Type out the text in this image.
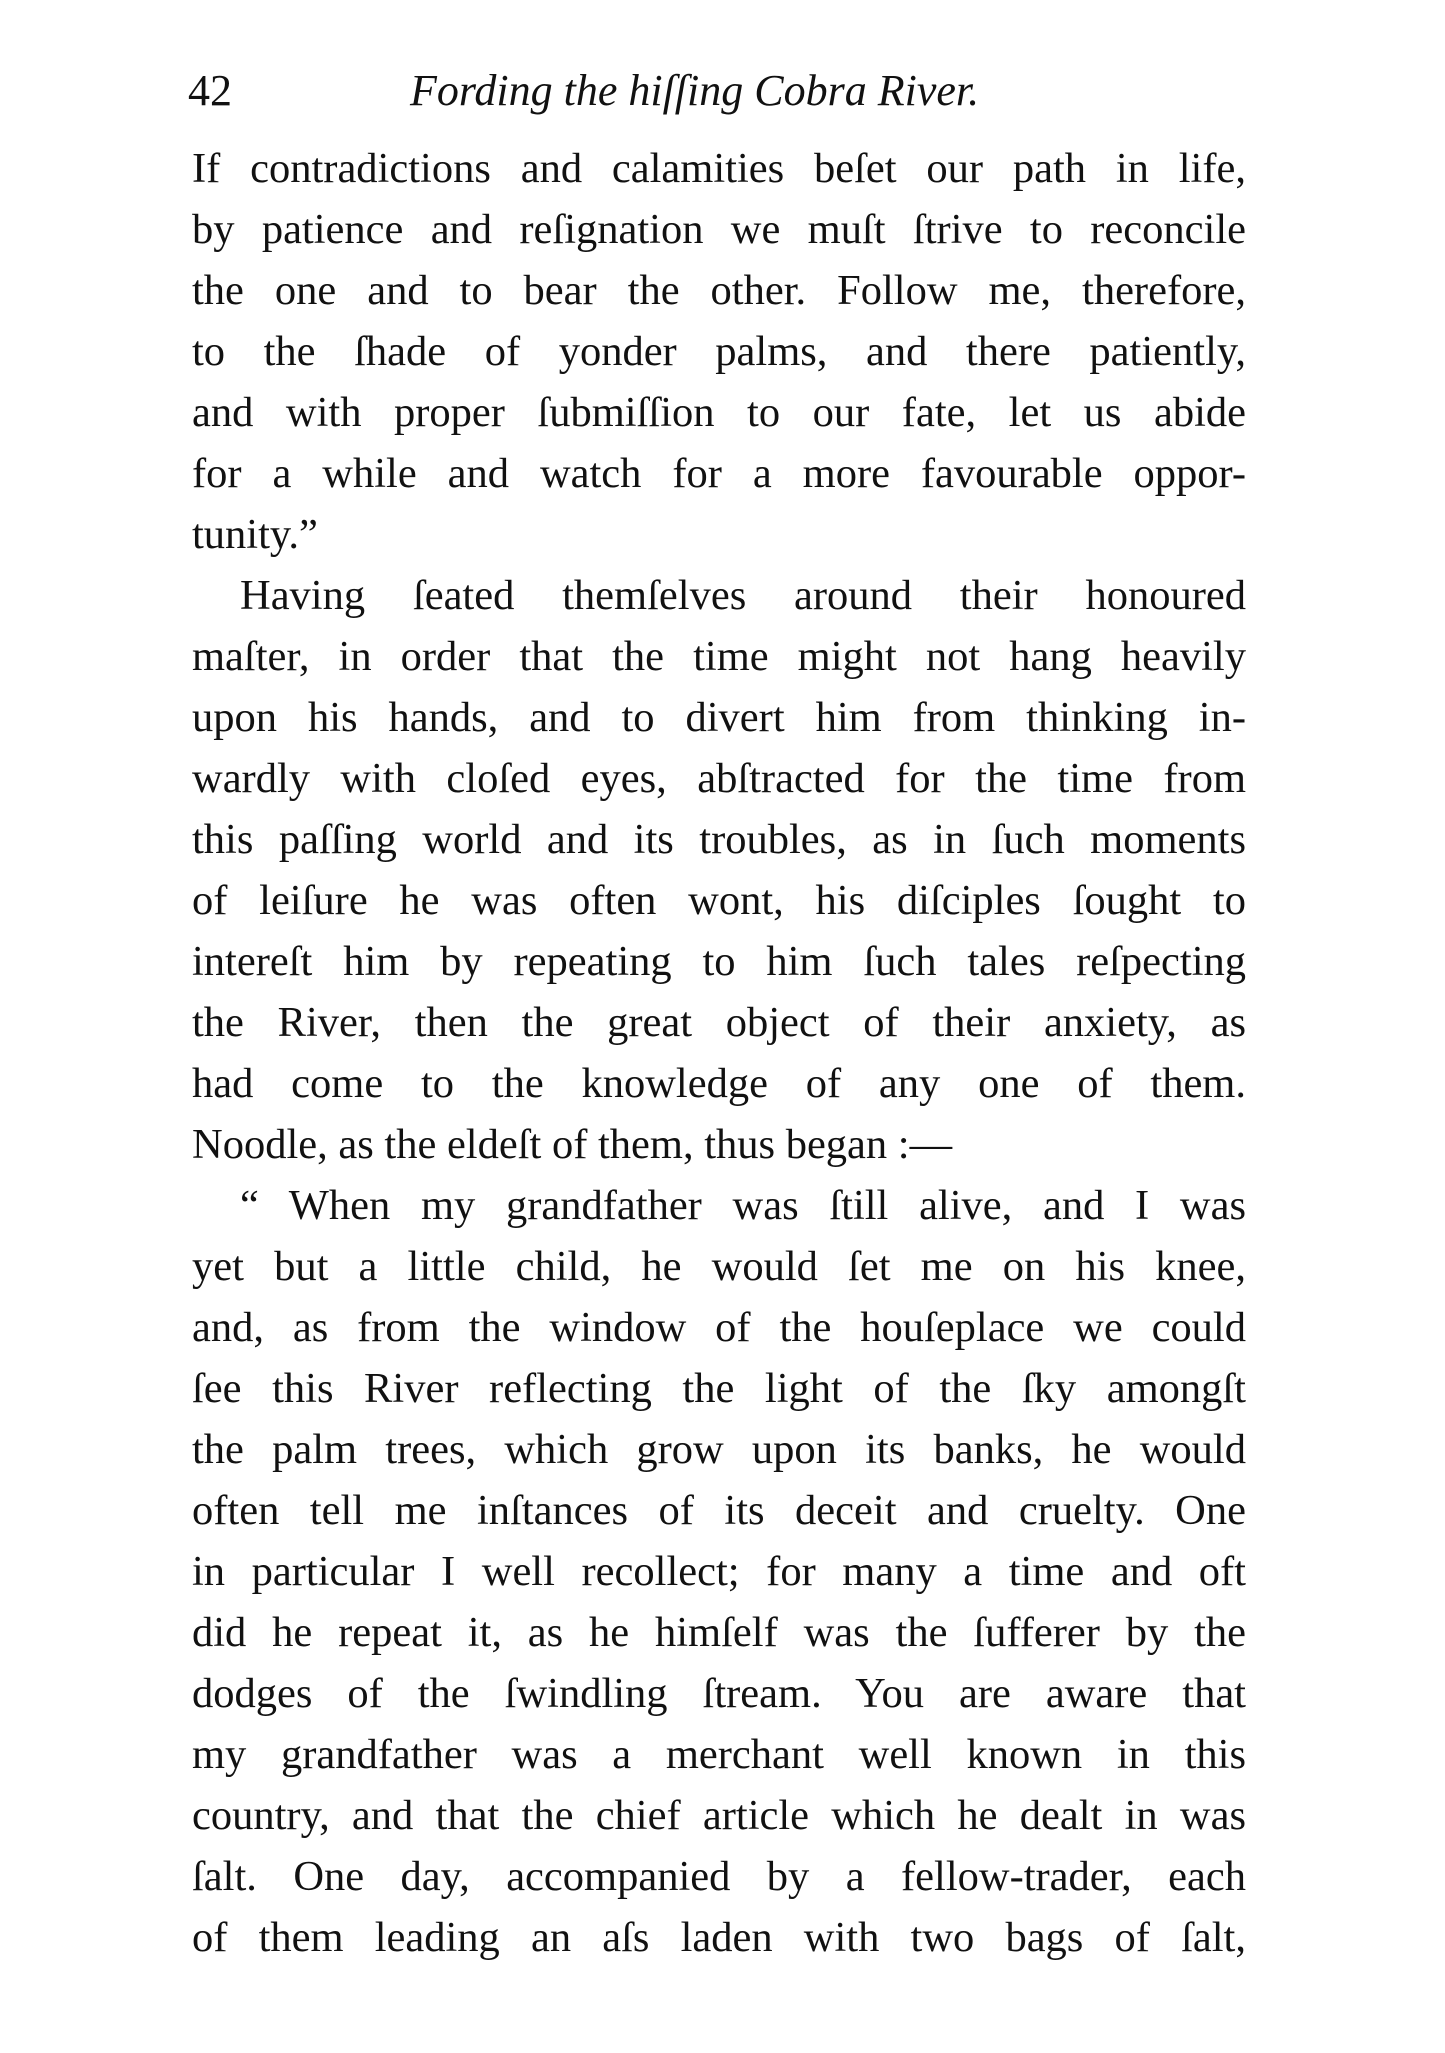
42	Fording the hiſſing Cobra River.
If contradictions and calamities beſet our path in life,
by patience and reſignation we muſt ſtrive to reconcile
the one and to bear the other. Follow me, therefore,
to the ſhade of yonder palms, and there patiently,
and with proper ſubmiſſion to our fate, let us abide
for a while and watch for a more favourable oppor-
tunity.”
Having ſeated themſelves around their honoured
maſter, in order that the time might not hang heavily
upon his hands, and to divert him from thinking in-
wardly with cloſed eyes, abſtracted for the time from
this paſſing world and its troubles, as in ſuch moments
of leiſure he was often wont, his diſciples ſought to
intereſt him by repeating to him ſuch tales reſpecting
the River, then the great object of their anxiety, as
had come to the knowledge of any one of them.
Noodle, as the eldeſt of them, thus began :—
“ When my grandfather was ſtill alive, and I was
yet but a little child, he would ſet me on his knee,
and, as from the window of the houſeplace we could
ſee this River reflecting the light of the ſky amongſt
the palm trees, which grow upon its banks, he would
often tell me inſtances of its deceit and cruelty. One
in particular I well recollect; for many a time and oft
did he repeat it, as he himſelf was the ſufferer by the
dodges of the ſwindling ſtream. You are aware that
my grandfather was a merchant well known in this
country, and that the chief article which he dealt in was
ſalt. One day, accompanied by a fellow-trader, each
of them leading an aſs laden with two bags of ſalt,
